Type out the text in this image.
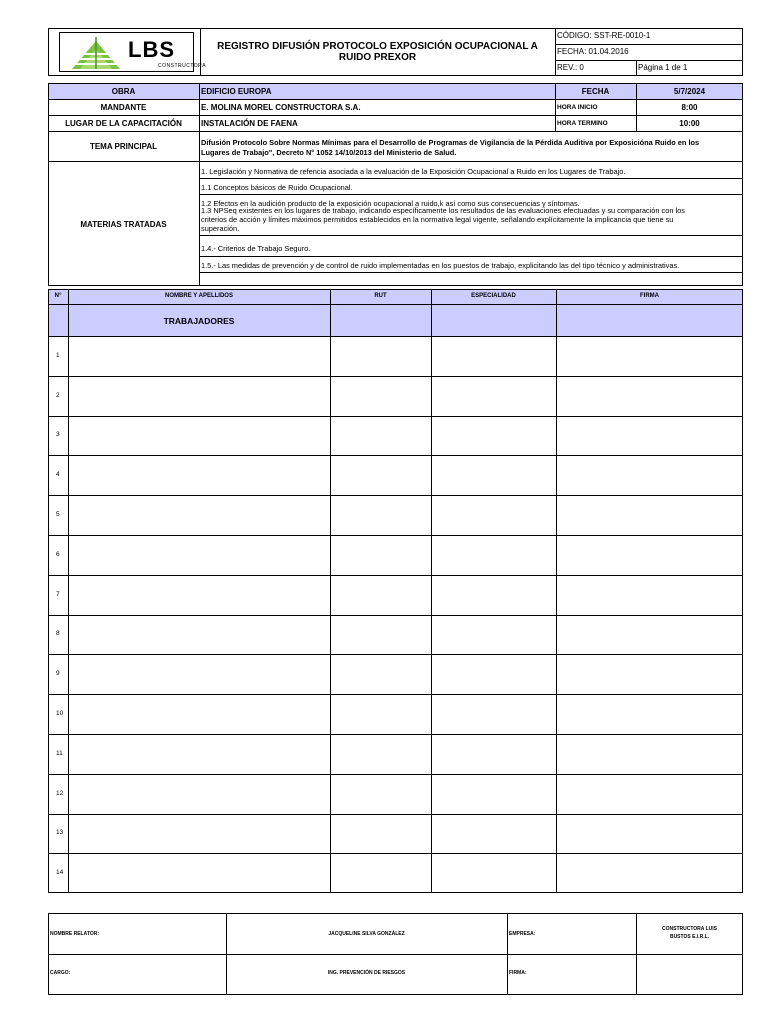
LBS
CONSTRUCTORA
REGISTRO DIFUSIÓN PROTOCOLO EXPOSICIÓN OCUPACIONAL A
RUIDO PREXOR
CÓDIGO: SST-RE-0010-1
FECHA: 01.04.2016
REV.: 0	Página 1 de 1
OBRA	EDIFICIO EUROPA	FECHA	5/7/2024
MANDANTE	E. MOLINA MOREL CONSTRUCTORA S.A.	HORA INICIO	8:00
LUGAR DE LA CAPACITACIÓN	INSTALACIÓN DE FAENA	HORA TERMINO	10:00
TEMA PRINCIPAL	Difusión Protocolo Sobre Normas Mínimas para el Desarrollo de Programas de Vigilancia de la Pérdida Auditiva por Exposicióna Ruido en los
Lugares de Trabajo", Decreto N° 1052 14/10/2013 del Ministerio de Salud.
MATERIAS TRATADAS
1. Legislación y Normativa de refencia asociada a la evaluación de la Exposición Ocupacional a Ruido en los Lugares de Trabajo.
1.1 Conceptos básicos de Ruido Ocupacional.
1.2 Efectos en la audición producto de la exposición ocupacional a ruido,k así como sus consecuencias y síntomas.
1.3 NPSeq existentes en los lugares de trabajo, indicando específicamente los resultados de las evaluaciones efectuadas y su comparación con los
criterios de acción y límites máximos permitidos establecidos en la normativa legal vigente, señalando explícitamente la implicancia que tiene su
superación.
1.4.- Criterios de Trabajo Seguro.
1.5.- Las medidas de prevención y de control de ruido implementadas en los puestos de trabajo, explicitando las del tipo técnico y administrativas.
N°	NOMBRE Y APELLIDOS	RUT	ESPECIALIDAD	FIRMA
TRABAJADORES
1
2
3
4
5
6
7
8
9
10
11
12
13
14
NOMBRE RELATOR:	JACQUELINE SILVA GONZÁLEZ	EMPRESA:
CONSTRUCTORA LUIS
BUSTOS E.I.R.L.
CARGO:	ING. PREVENCIÓN DE RIESGOS	FIRMA:
